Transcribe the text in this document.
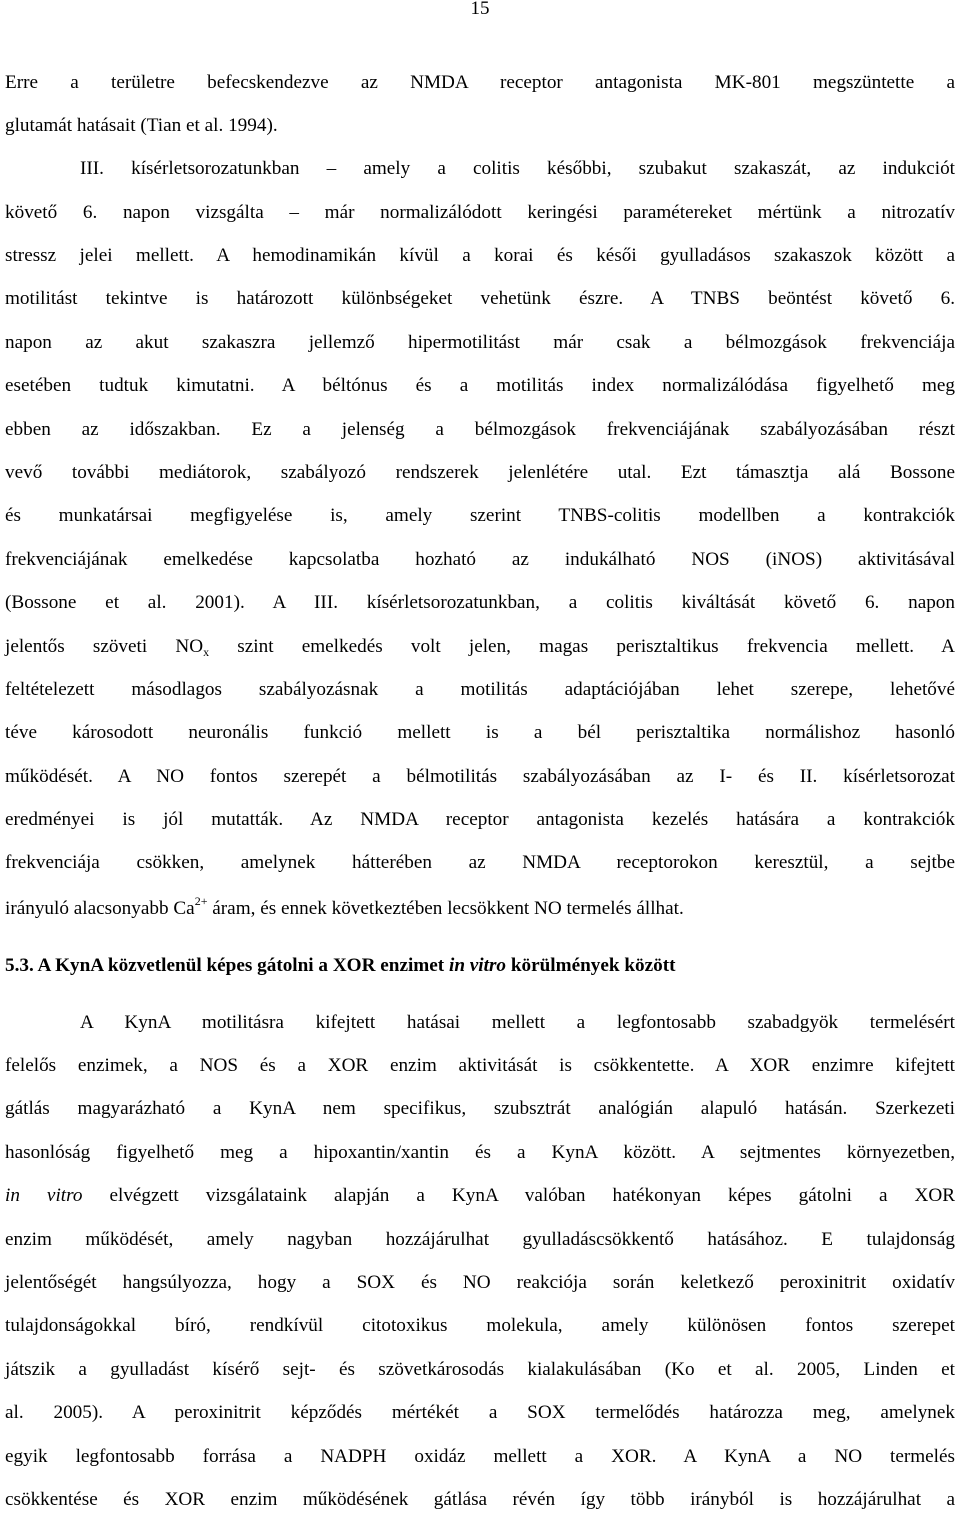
15
Erre a területre befecskendezve az NMDA receptor antagonista MK-801 megszüntette a
glutamát hatásait (Tian et al. 1994).
III. kísérletsorozatunkban – amely a colitis későbbi, szubakut szakaszát, az indukciót
követő 6. napon vizsgálta – már normalizálódott keringési paramétereket mértünk a nitrozatív
stressz jelei mellett. A hemodinamikán kívül a korai és késői gyulladásos szakaszok között a
motilitást tekintve is határozott különbségeket vehetünk észre. A TNBS beöntést követő 6.
napon az akut szakaszra jellemző hipermotilitást már csak a bélmozgások frekvenciája
esetében tudtuk kimutatni. A béltónus és a motilitás index normalizálódása figyelhető meg
ebben az időszakban. Ez a jelenség a bélmozgások frekvenciájának szabályozásában részt
vevő további mediátorok, szabályozó rendszerek jelenlétére utal. Ezt támasztja alá Bossone
és munkatársai megfigyelése is, amely szerint TNBS-colitis modellben a kontrakciók
frekvenciájának emelkedése kapcsolatba hozható az indukálható NOS (iNOS) aktivitásával
(Bossone et al. 2001). A III. kísérletsorozatunkban, a colitis kiváltását követő 6. napon
jelentős szöveti $NO_x$ szint emelkedés volt jelen, magas perisztaltikus frekvencia mellett. A
feltételezett másodlagos szabályozásnak a motilitás adaptációjában lehet szerepe, lehetővé
téve károsodott neuronális funkció mellett is a bél perisztaltika normálishoz hasonló
működését. A NO fontos szerepét a bélmotilitás szabályozásában az I- és II. kísérletsorozat
eredményei is jól mutatták. Az NMDA receptor antagonista kezelés hatására a kontrakciók
frekvenciája csökken, amelynek hátterében az NMDA receptorokon keresztül, a sejtbe
irányuló alacsonyabb $Ca^{2+}$ áram, és ennek következtében lecsökkent NO termelés állhat.
5.3. A KynA közvetlenül képes gátolni a XOR enzimet in vitro körülmények között
A KynA motilitásra kifejtett hatásai mellett a legfontosabb szabadgyök termelésért
felelős enzimek, a NOS és a XOR enzim aktivitását is csökkentette. A XOR enzimre kifejtett
gátlás magyarázható a KynA nem specifikus, szubsztrát analógián alapuló hatásán. Szerkezeti
hasonlóság figyelhető meg a hipoxantin/xantin és a KynA között. A sejtmentes környezetben,
in vitro elvégzett vizsgálataink alapján a KynA valóban hatékonyan képes gátolni a XOR
enzim működését, amely nagyban hozzájárulhat gyulladáscsökkentő hatásához. E tulajdonság
jelentőségét hangsúlyozza, hogy a SOX és NO reakciója során keletkező peroxinitrit oxidatív
tulajdonságokkal bíró, rendkívül citotoxikus molekula, amely különösen fontos szerepet
játszik a gyulladást kísérő sejt- és szövetkárosodás kialakulásában (Ko et al. 2005, Linden et
al. 2005). A peroxinitrit képződés mértékét a SOX termelődés határozza meg, amelynek
egyik legfontosabb forrása a NADPH oxidáz mellett a XOR. A KynA a NO termelés
csökkentése és XOR enzim működésének gátlása révén így több irányból is hozzájárulhat a
